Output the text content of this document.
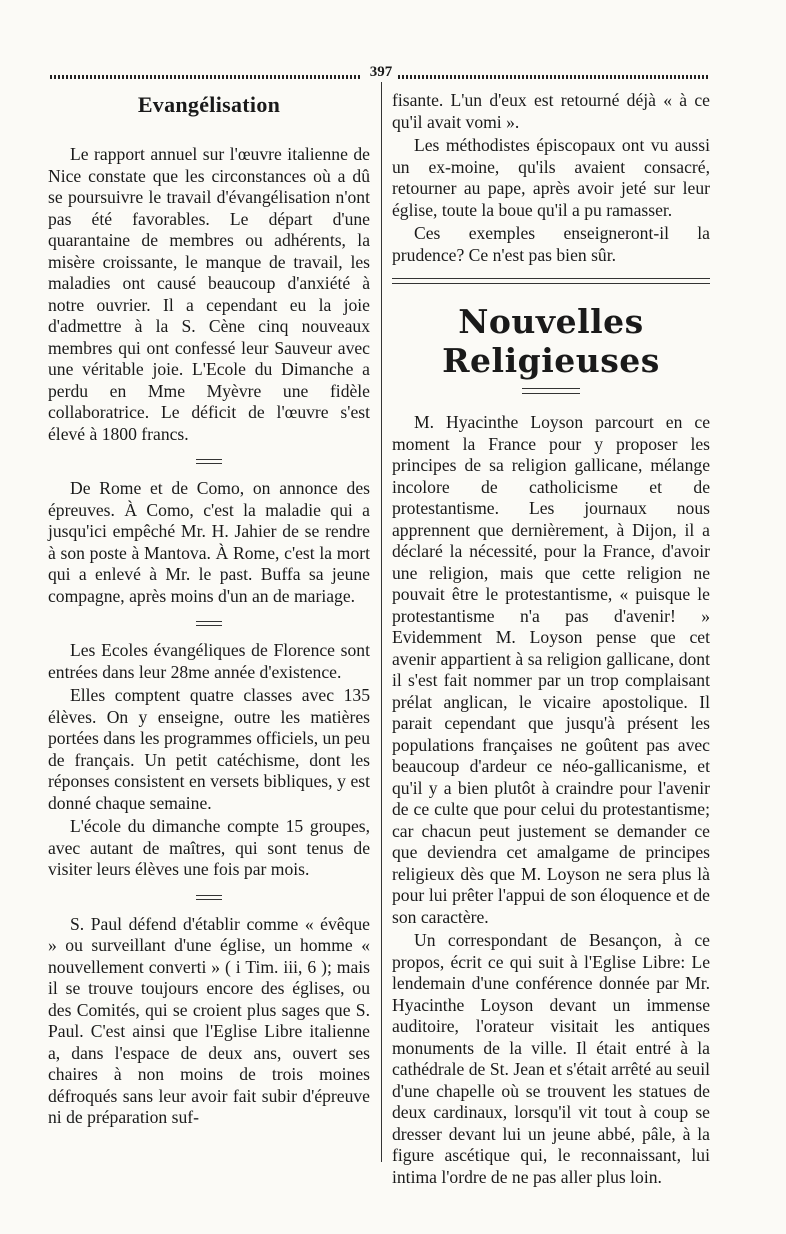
397
Evangélisation

Le rapport annuel sur l'œuvre italienne de Nice constate que les circonstances où a dû se poursuivre le travail d'évangélisation n'ont pas été favorables. Le départ d'une quarantaine de membres ou adhérents, la misère croissante, le manque de travail, les maladies ont causé beaucoup d'anxiété à notre ouvrier. Il a cependant eu la joie d'admettre à la S. Cène cinq nouveaux membres qui ont confessé leur Sauveur avec une véritable joie. L'Ecole du Dimanche a perdu en Mme Myèvre une fidèle collaboratrice. Le déficit de l'œuvre s'est élevé à 1800 francs.

De Rome et de Como, on annonce des épreuves. À Como, c'est la maladie qui a jusqu'ici empêché Mr. H. Jahier de se rendre à son poste à Mantova. À Rome, c'est la mort qui a enlevé à Mr. le past. Buffa sa jeune compagne, après moins d'un an de mariage.

Les Ecoles évangéliques de Florence sont entrées dans leur 28me année d'existence.

Elles comptent quatre classes avec 135 élèves. On y enseigne, outre les matières portées dans les programmes officiels, un peu de français. Un petit catéchisme, dont les réponses consistent en versets bibliques, y est donné chaque semaine.

L'école du dimanche compte 15 groupes, avec autant de maîtres, qui sont tenus de visiter leurs élèves une fois par mois.

S. Paul défend d'établir comme « évêque » ou surveillant d'une église, un homme « nouvellement converti » ( i Tim. iii, 6 ); mais il se trouve toujours encore des églises, ou des Comités, qui se croient plus sages que S. Paul. C'est ainsi que l'Eglise Libre italienne a, dans l'espace de deux ans, ouvert ses chaires à non moins de trois moines défroqués sans leur avoir fait subir d'épreuve ni de préparation suf-

fisante. L'un d'eux est retourné déjà « à ce qu'il avait vomi ».

Les méthodistes épiscopaux ont vu aussi un ex-moine, qu'ils avaient consacré, retourner au pape, après avoir jeté sur leur église, toute la boue qu'il a pu ramasser.

Ces exemples enseigneront-il la prudence? Ce n'est pas bien sûr.

Nouvelles Religieuses

M. Hyacinthe Loyson parcourt en ce moment la France pour y proposer les principes de sa religion gallicane, mélange incolore de catholicisme et de protestantisme. Les journaux nous apprennent que dernièrement, à Dijon, il a déclaré la nécessité, pour la France, d'avoir une religion, mais que cette religion ne pouvait être le protestantisme, « puisque le protestantisme n'a pas d'avenir! » Evidemment M. Loyson pense que cet avenir appartient à sa religion gallicane, dont il s'est fait nommer par un trop complaisant prélat anglican, le vicaire apostolique. Il parait cependant que jusqu'à présent les populations françaises ne goûtent pas avec beaucoup d'ardeur ce néo-gallicanisme, et qu'il y a bien plutôt à craindre pour l'avenir de ce culte que pour celui du protestantisme; car chacun peut justement se demander ce que deviendra cet amalgame de principes religieux dès que M. Loyson ne sera plus là pour lui prêter l'appui de son éloquence et de son caractère.

Un correspondant de Besançon, à ce propos, écrit ce qui suit à l'Eglise Libre: Le lendemain d'une conférence donnée par Mr. Hyacinthe Loyson devant un immense auditoire, l'orateur visitait les antiques monuments de la ville. Il était entré à la cathédrale de St. Jean et s'était arrêté au seuil d'une chapelle où se trouvent les statues de deux cardinaux, lorsqu'il vit tout à coup se dresser devant lui un jeune abbé, pâle, à la figure ascétique qui, le reconnaissant, lui intima l'ordre de ne pas aller plus loin.
